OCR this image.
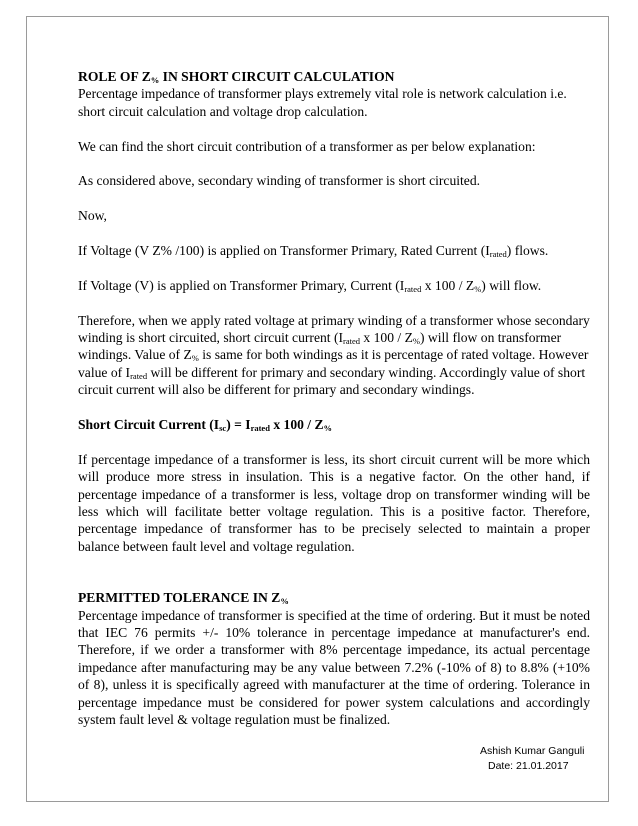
ROLE OF $Z_{\%}$ IN SHORT CIRCUIT CALCULATION

Percentage impedance of transformer plays extremely vital role is network calculation i.e. short circuit calculation and voltage drop calculation.

We can find the short circuit contribution of a transformer as per below explanation:

As considered above, secondary winding of transformer is short circuited.

Now,

If Voltage (V Z% /100) is applied on Transformer Primary, Rated Current $(I_{rated})$ flows.

If Voltage (V) is applied on Transformer Primary, Current ($I_{rated}$ x $100 / Z_{\%}$) will flow.

Therefore, when we apply rated voltage at primary winding of a transformer whose secondary winding is short circuited, short circuit current ($I_{rated}$ x $100 / Z_{\%}$) will flow on transformer windings. Value of $Z_{\%}$ is same for both windings as it is percentage of rated voltage. However value of $I_{rated}$ will be different for primary and secondary winding. Accordingly value of short circuit current will also be different for primary and secondary windings.

Short Circuit Current $(I_{sc}) = I_{rated}$ x $100 / Z_{\%}$

If percentage impedance of a transformer is less, its short circuit current will be more which will produce more stress in insulation. This is a negative factor. On the other hand, if percentage impedance of a transformer is less, voltage drop on transformer winding will be less which will facilitate better voltage regulation. This is a positive factor. Therefore, percentage impedance of transformer has to be precisely selected to maintain a proper balance between fault level and voltage regulation.

PERMITTED TOLERANCE IN $Z_{\%}$

Percentage impedance of transformer is specified at the time of ordering. But it must be noted that IEC 76 permits +/- 10% tolerance in percentage impedance at manufacturer's end. Therefore, if we order a transformer with 8% percentage impedance, its actual percentage impedance after manufacturing may be any value between 7.2% (-10% of 8) to 8.8% (+10% of 8), unless it is specifically agreed with manufacturer at the time of ordering. Tolerance in percentage impedance must be considered for power system calculations and accordingly system fault level & voltage regulation must be finalized.

Ashish Kumar Ganguli
Date: 21.01.2017
